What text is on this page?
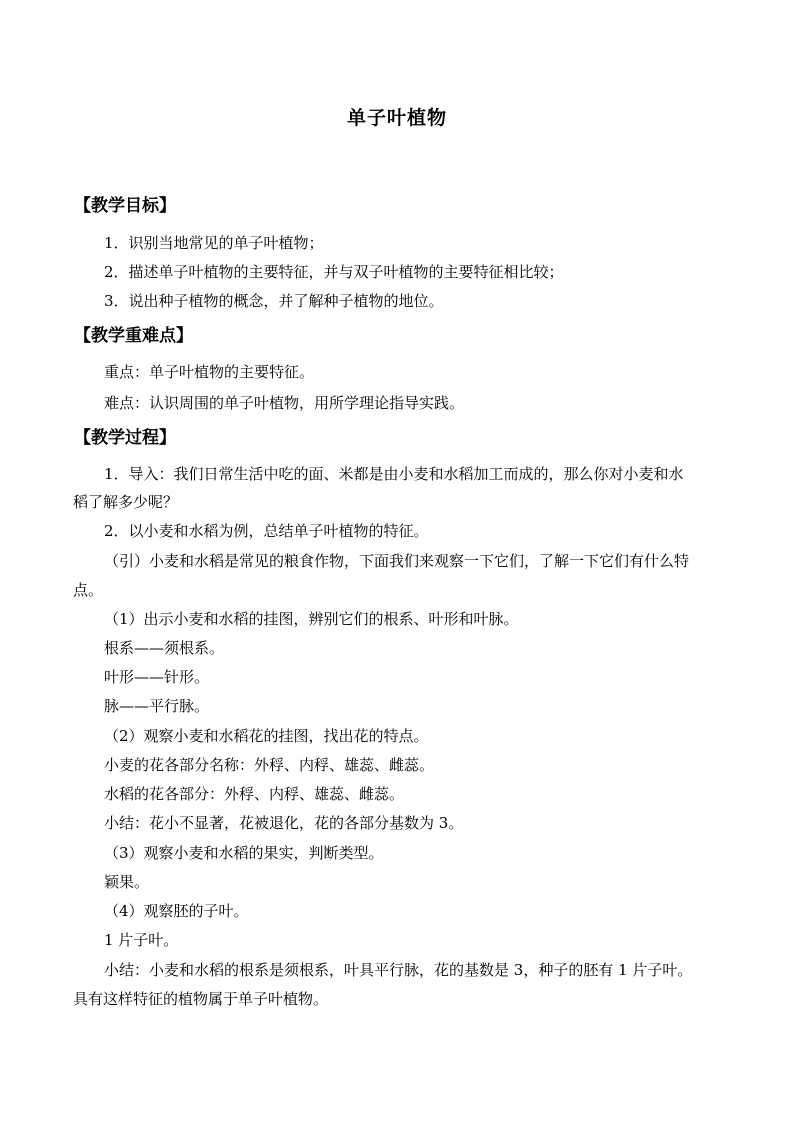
单子叶植物
【教学目标】
1．识别当地常见的单子叶植物；
2．描述单子叶植物的主要特征，并与双子叶植物的主要特征相比较；
3．说出种子植物的概念，并了解种子植物的地位。
【教学重难点】
重点：单子叶植物的主要特征。
难点：认识周围的单子叶植物，用所学理论指导实践。
【教学过程】
1．导入：我们日常生活中吃的面、米都是由小麦和水稻加工而成的，那么你对小麦和水
稻了解多少呢？
2．以小麦和水稻为例，总结单子叶植物的特征。
（引）小麦和水稻是常见的粮食作物，下面我们来观察一下它们，了解一下它们有什么特
点。
（1）出示小麦和水稻的挂图，辨别它们的根系、叶形和叶脉。
根系——须根系。
叶形——针形。
脉——平行脉。
（2）观察小麦和水稻花的挂图，找出花的特点。
小麦的花各部分名称：外稃、内稃、雄蕊、雌蕊。
水稻的花各部分：外稃、内稃、雄蕊、雌蕊。
小结：花小不显著，花被退化，花的各部分基数为 3。
（3）观察小麦和水稻的果实，判断类型。
颖果。
（4）观察胚的子叶。
1 片子叶。
小结：小麦和水稻的根系是须根系，叶具平行脉，花的基数是 3，种子的胚有 1 片子叶。
具有这样特征的植物属于单子叶植物。
